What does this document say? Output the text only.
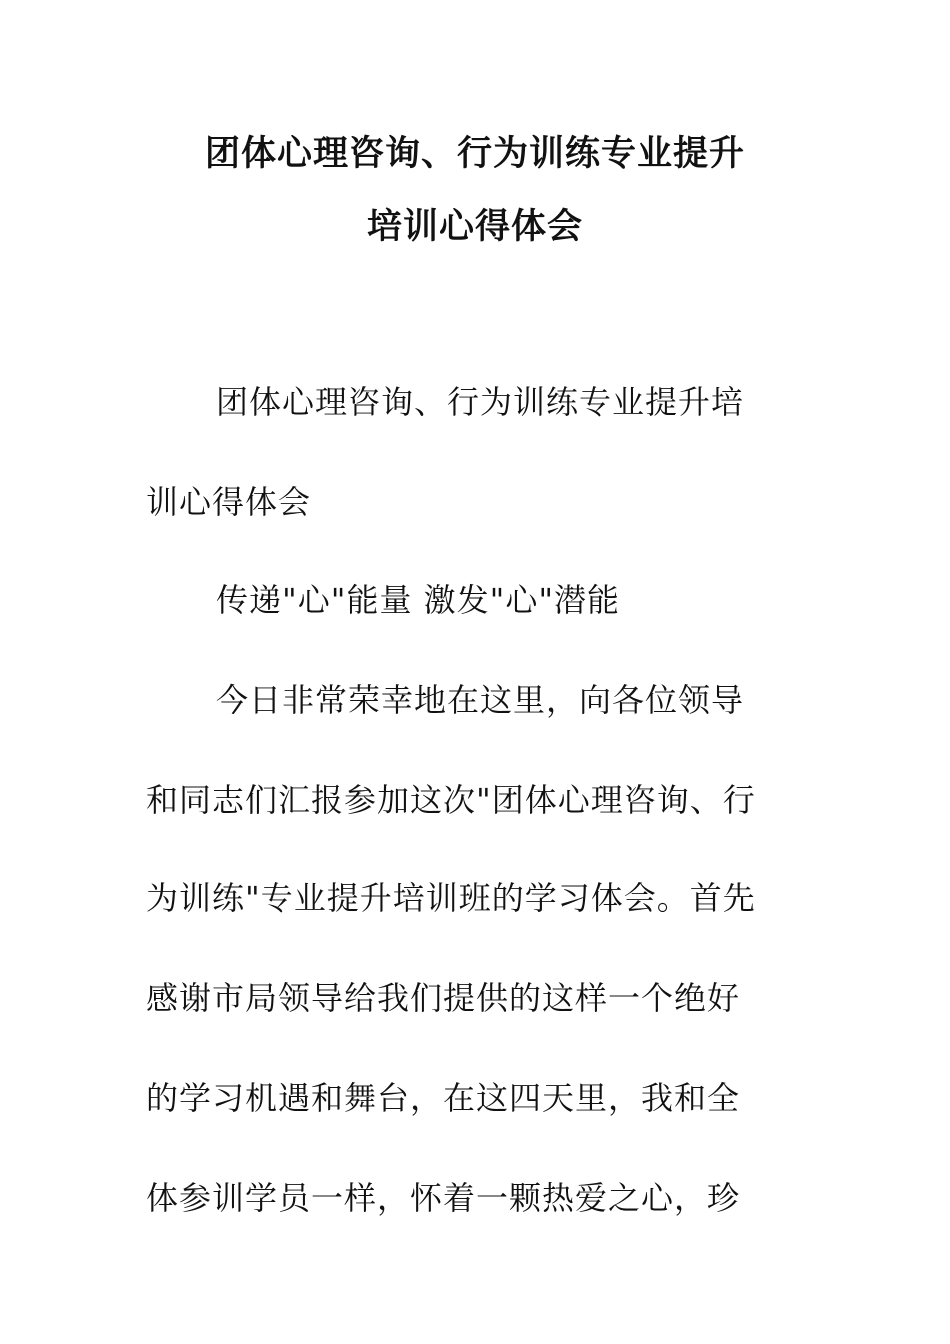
团体心理咨询、行为训练专业提升
培训心得体会
团体心理咨询、行为训练专业提升培
训心得体会
传递"心"能量 激发"心"潜能
今日非常荣幸地在这里，向各位领导
和同志们汇报参加这次"团体心理咨询、行
为训练"专业提升培训班的学习体会。首先
感谢市局领导给我们提供的这样一个绝好
的学习机遇和舞台，在这四天里，我和全
体参训学员一样，怀着一颗热爱之心，珍
